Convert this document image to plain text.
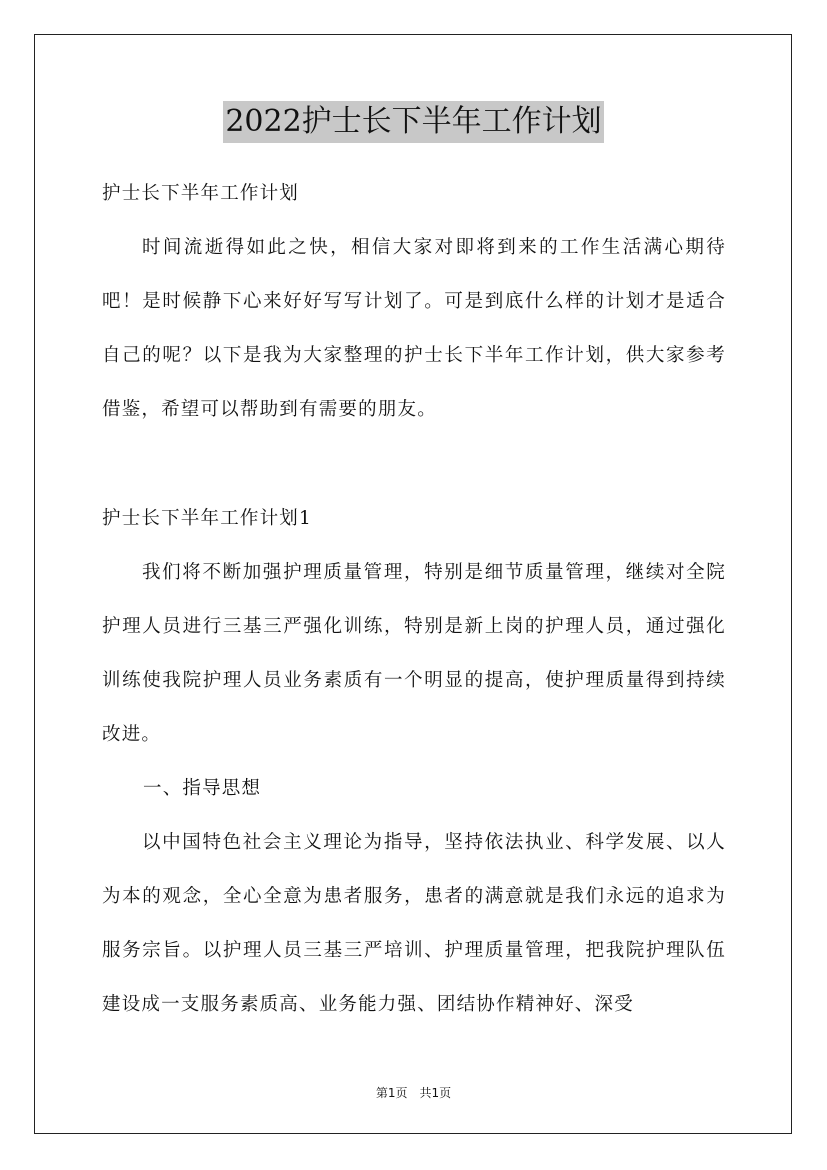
2022护士长下半年工作计划
护士长下半年工作计划

时间流逝得如此之快，相信大家对即将到来的工作生活满心期待吧！是时候静下心来好好写写计划了。可是到底什么样的计划才是适合自己的呢？以下是我为大家整理的护士长下半年工作计划，供大家参考借鉴，希望可以帮助到有需要的朋友。

护士长下半年工作计划1

我们将不断加强护理质量管理，特别是细节质量管理，继续对全院护理人员进行三基三严强化训练，特别是新上岗的护理人员，通过强化训练使我院护理人员业务素质有一个明显的提高，使护理质量得到持续改进。

一、指导思想

以中国特色社会主义理论为指导，坚持依法执业、科学发展、以人为本的观念，全心全意为患者服务，患者的满意就是我们永远的追求为服务宗旨。以护理人员三基三严培训、护理质量管理，把我院护理队伍建设成一支服务素质高、业务能力强、团结协作精神好、深受

第1页　共1页
